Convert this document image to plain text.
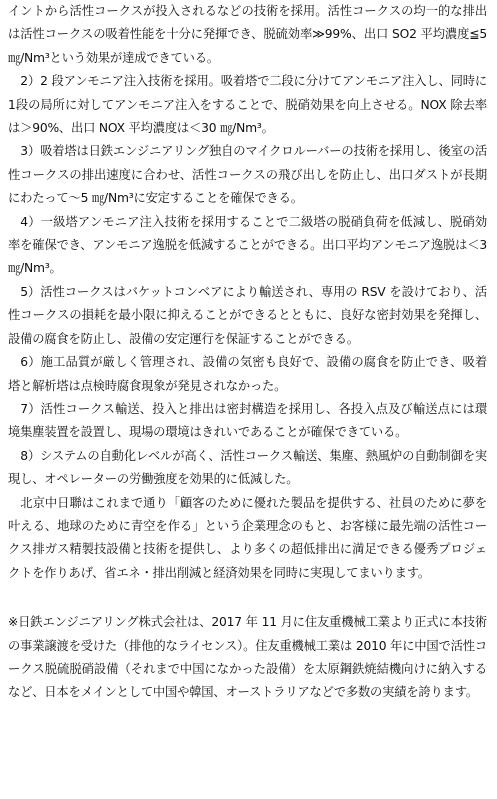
イントから活性コークスが投入されるなどの技術を採用。活性コークスの均一的な排出は活性コークスの吸着性能を十分に発揮でき、脱硫効率≫99%、出口 SO2 平均濃度≦5 ㎎/Nm³という効果が達成できている。

2）2 段アンモニア注入技術を採用。吸着塔で二段に分けてアンモニア注入し、同時に 1段の局所に対してアンモニア注入をすることで、脱硝効果を向上させる。NOX 除去率は＞90%、出口 NOX 平均濃度は＜30 ㎎/Nm³。

3）吸着塔は日鉄エンジニアリング独自のマイクロルーバーの技術を採用し、後室の活性コークスの排出速度に合わせ、活性コークスの飛び出しを防止し、出口ダストが長期にわたって～5 ㎎/Nm³に安定することを確保できる。

4）一級塔アンモニア注入技術を採用することで二級塔の脱硝負荷を低減し、脱硝効率を確保でき、アンモニア逸脱を低減することができる。出口平均アンモニア逸脱は＜3 ㎎/Nm³。

5）活性コークスはバケットコンベアにより輸送され、専用の RSV を設けており、活性コークスの損耗を最小限に抑えることができるとともに、良好な密封効果を発揮し、設備の腐食を防止し、設備の安定運行を保証することができる。

6）施工品質が厳しく管理され、設備の気密も良好で、設備の腐食を防止でき、吸着塔と解析塔は点検時腐食現象が発見されなかった。

7）活性コークス輸送、投入と排出は密封構造を採用し、各投入点及び輸送点には環境集塵装置を設置し、現場の環境はきれいであることが確保できている。

8）システムの自動化レベルが高く、活性コークス輸送、集塵、熱風炉の自動制御を実現し、オペレーターの労働強度を効果的に低減した。

北京中日聯はこれまで通り「顧客のために優れた製品を提供する、社員のために夢を叶える、地球のために青空を作る」という企業理念のもと、お客様に最先端の活性コークス排ガス精製技設備と技術を提供し、より多くの超低排出に満足できる優秀プロジェクトを作りあげ、省エネ・排出削減と経済効果を同時に実現してまいります。

※日鉄エンジニアリング株式会社は、2017 年 11 月に住友重機械工業より正式に本技術の事業譲渡を受けた（排他的なライセンス）。住友重機械工業は 2010 年に中国で活性コークス脱硫脱硝設備（それまで中国になかった設備）を太原鋼鉄焼結機向けに納入するなど、日本をメインとして中国や韓国、オーストラリアなどで多数の実績を誇ります。
